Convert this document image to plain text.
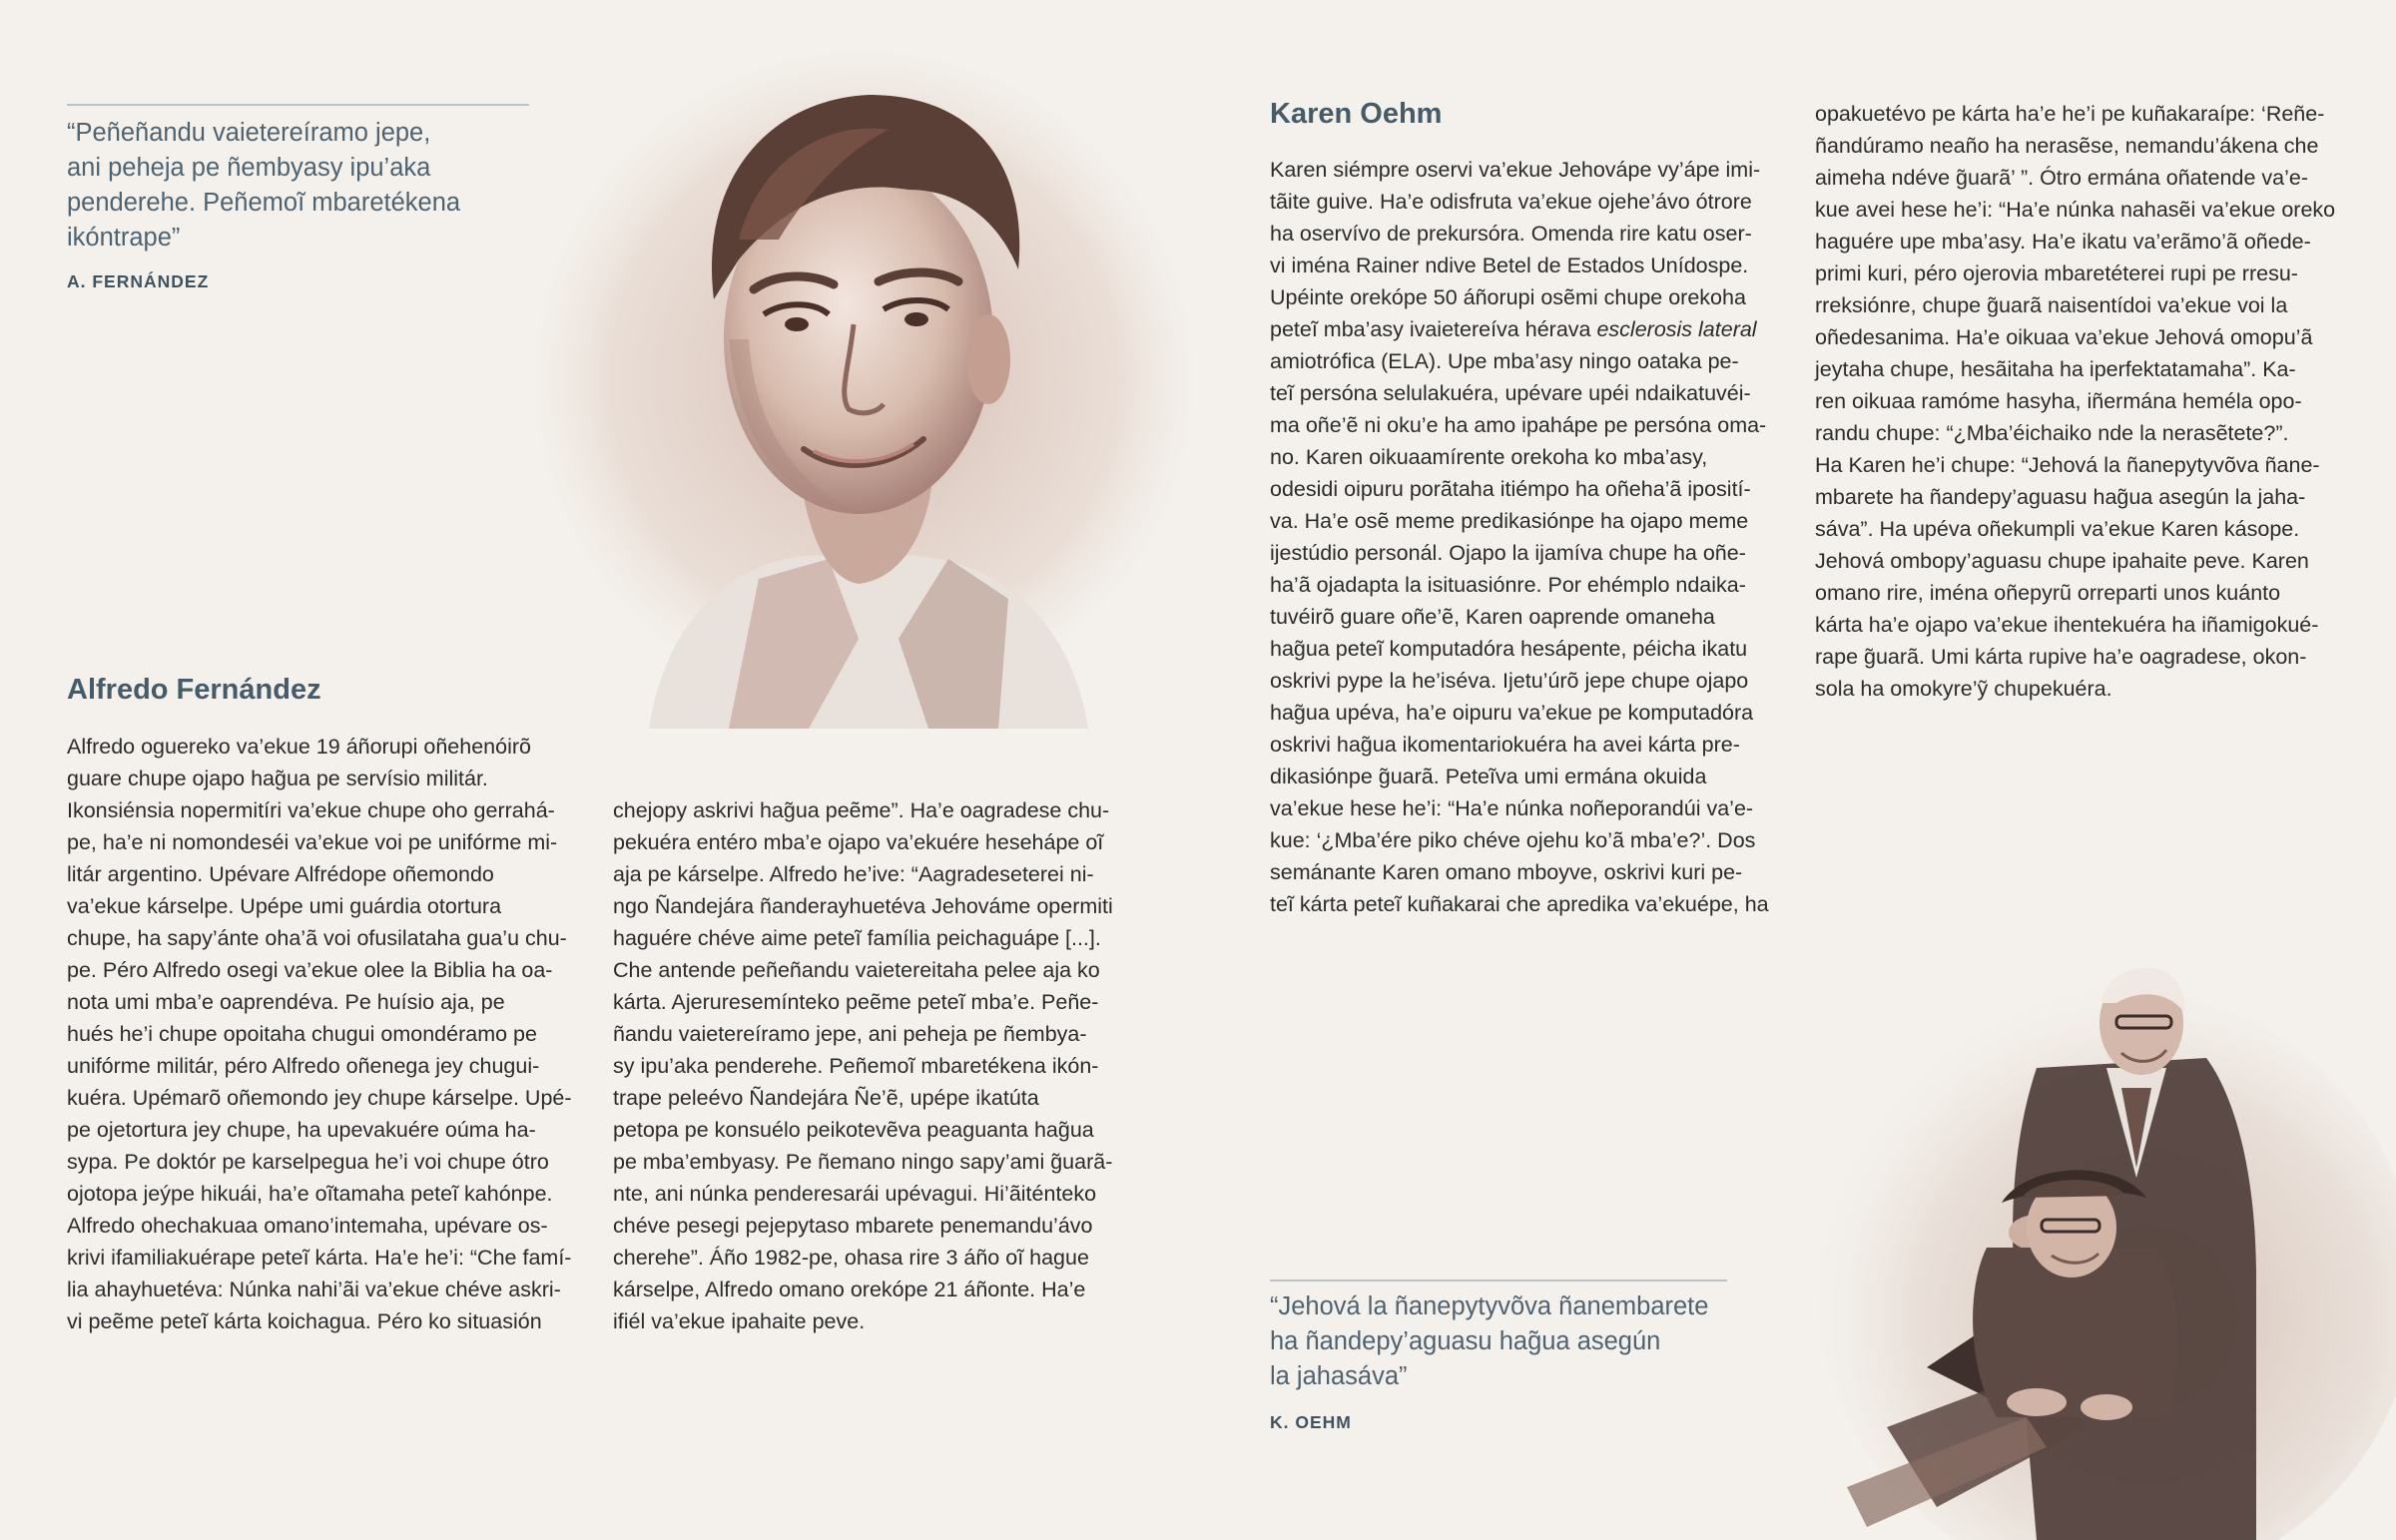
“Peñeñandu vaietereíramo jepe,
ani peheja pe ñembyasy ipu’aka
penderehe. Peñemoĩ mbaretékena
ikóntrape”
A. FERNÁNDEZ
Alfredo Fernández
Alfredo oguereko va’ekue 19 áñorupi oñehenóirõ
guare chupe ojapo hag̃ua pe servísio militár.
Ikonsiénsia nopermitíri va’ekue chupe oho gerrahá-
pe, ha’e ni nomondeséi va’ekue voi pe unifórme mi-
litár argentino. Upévare Alfrédope oñemondo
va’ekue kárselpe. Upépe umi guárdia otortura
chupe, ha sapy’ánte oha’ã voi ofusilataha gua’u chu-
pe. Péro Alfredo osegi va’ekue olee la Biblia ha oa-
nota umi mba’e oaprendéva. Pe huísio aja, pe
hués he’i chupe opoitaha chugui omondéramo pe
unifórme militár, péro Alfredo oñenega jey chugui-
kuéra. Upémarõ oñemondo jey chupe kárselpe. Upé-
pe ojetortura jey chupe, ha upevakuére oúma ha-
sypa. Pe doktór pe karselpegua he’i voi chupe ótro
ojotopa jeýpe hikuái, ha’e oĩtamaha peteĩ kahónpe.
Alfredo ohechakuaa omano’intemaha, upévare os-
krivi ifamiliakuérape peteĩ kárta. Ha’e he’i: “Che famí-
lia ahayhuetéva: Núnka nahi’ãi va’ekue chéve askri-
vi peẽme peteĩ kárta koichagua. Péro ko situasión
chejopy askrivi hag̃ua peẽme”. Ha’e oagradese chu-
pekuéra entéro mba’e ojapo va’ekuére hesehápe oĩ
aja pe kárselpe. Alfredo he’ive: “Aagradeseterei ni-
ngo Ñandejára ñanderayhuetéva Jehováme opermiti
haguére chéve aime peteĩ família peichaguápe [...].
Che antende peñeñandu vaietereitaha pelee aja ko
kárta. Ajeruresemínteko peẽme peteĩ mba’e. Peñe-
ñandu vaietereíramo jepe, ani peheja pe ñembya-
sy ipu’aka penderehe. Peñemoĩ mbaretékena ikón-
trape peleévo Ñandejára Ñe’ẽ, upépe ikatúta
petopa pe konsuélo peikotevẽva peaguanta hag̃ua
pe mba’embyasy. Pe ñemano ningo sapy’ami g̃uarã-
nte, ani núnka penderesarái upévagui. Hi’ãiténteko
chéve pesegi pejepytaso mbarete penemandu’ávo
cherehe”. Áño 1982-pe, ohasa rire 3 áño oĩ hague
kárselpe, Alfredo omano orekópe 21 áñonte. Ha’e
ifiél va’ekue ipahaite peve.
Karen Oehm
Karen siémpre oservi va’ekue Jehovápe vy’ápe imi-
tãite guive. Ha’e odisfruta va’ekue ojehe’ávo ótrore
ha oservívo de prekursóra. Omenda rire katu oser-
vi iména Rainer ndive Betel de Estados Unídospe.
Upéinte orekópe 50 áñorupi osẽmi chupe orekoha
peteĩ mba’asy ivaietereíva hérava esclerosis lateral
amiotrófica (ELA). Upe mba’asy ningo oataka pe-
teĩ persóna selulakuéra, upévare upéi ndaikatuvéi-
ma oñe’ẽ ni oku’e ha amo ipahápe pe persóna oma-
no. Karen oikuaamírente orekoha ko mba’asy,
odesidi oipuru porãtaha itiémpo ha oñeha’ã iposití-
va. Ha’e osẽ meme predikasiónpe ha ojapo meme
ijestúdio personál. Ojapo la ijamíva chupe ha oñe-
ha’ã ojadapta la isituasiónre. Por ehémplo ndaika-
tuvéirõ guare oñe’ẽ, Karen oaprende omaneha
hag̃ua peteĩ komputadóra hesápente, péicha ikatu
oskrivi pype la he’iséva. Ijetu’úrõ jepe chupe ojapo
hag̃ua upéva, ha’e oipuru va’ekue pe komputadóra
oskrivi hag̃ua ikomentariokuéra ha avei kárta pre-
dikasiónpe g̃uarã. Peteĩva umi ermána okuida
va’ekue hese he’i: “Ha’e núnka noñeporandúi va’e-
kue: ‘¿Mba’ére piko chéve ojehu ko’ã mba’e?’. Dos
semánante Karen omano mboyve, oskrivi kuri pe-
teĩ kárta peteĩ kuñakarai che apredika va’ekuépe, ha
opakuetévo pe kárta ha’e he’i pe kuñakaraípe: ‘Reñe-
ñandúramo neaño ha nerasẽse, nemandu’ákena che
aimeha ndéve g̃uarã’ ”. Ótro ermána oñatende va’e-
kue avei hese he’i: “Ha’e núnka nahasẽi va’ekue oreko
haguére upe mba’asy. Ha’e ikatu va’erãmo’ã oñede-
primi kuri, péro ojerovia mbaretéterei rupi pe rresu-
rreksiónre, chupe g̃uarã naisentídoi va’ekue voi la
oñedesanima. Ha’e oikuaa va’ekue Jehová omopu’ã
jeytaha chupe, hesãitaha ha iperfektatamaha”. Ka-
ren oikuaa ramóme hasyha, iñermána heméla opo-
randu chupe: “¿Mba’éichaiko nde la nerasẽtete?”.
Ha Karen he’i chupe: “Jehová la ñanepytyvõva ñane-
mbarete ha ñandepy’aguasu hag̃ua asegún la jaha-
sáva”. Ha upéva oñekumpli va’ekue Karen kásope.
Jehová ombopy’aguasu chupe ipahaite peve. Karen
omano rire, iména oñepyrũ orreparti unos kuánto
kárta ha’e ojapo va’ekue ihentekuéra ha iñamigokué-
rape g̃uarã. Umi kárta rupive ha’e oagradese, okon-
sola ha omokyre’ỹ chupekuéra.
“Jehová la ñanepytyvõva ñanembarete
ha ñandepy’aguasu hag̃ua asegún
la jahasáva”
K. OEHM
